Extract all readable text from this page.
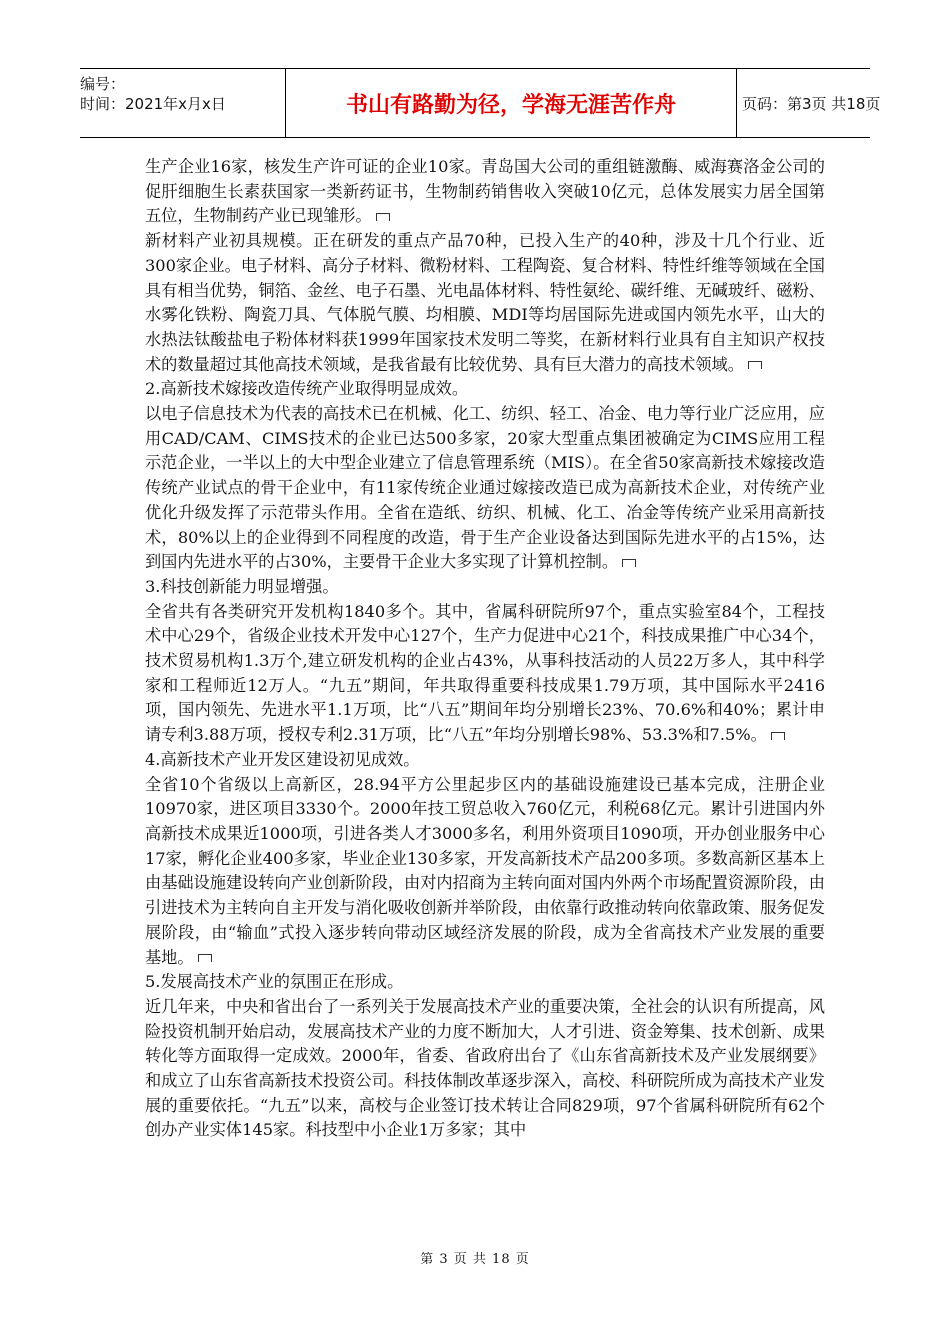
编号：
时间：2021年x月x日	书山有路勤为径，学海无涯苦作舟	页码：第3页 共18页

生产企业16家，核发生产许可证的企业10家。青岛国大公司的重组链激酶、威海赛洛金公司的促肝细胞生长素获国家一类新药证书，生物制药销售收入突破10亿元，总体发展实力居全国第五位，生物制药产业已现雏形。

新材料产业初具规模。正在研发的重点产品70种，已投入生产的40种，涉及十几个行业、近300家企业。电子材料、高分子材料、微粉材料、工程陶瓷、复合材料、特性纤维等领域在全国具有相当优势，铜箔、金丝、电子石墨、光电晶体材料、特性氨纶、碳纤维、无碱玻纤、磁粉、水雾化铁粉、陶瓷刀具、气体脱气膜、均相膜、MDI等均居国际先进或国内领先水平，山大的水热法钛酸盐电子粉体材料获1999年国家技术发明二等奖，在新材料行业具有自主知识产权技术的数量超过其他高技术领域，是我省最有比较优势、具有巨大潜力的高技术领域。

2.高新技术嫁接改造传统产业取得明显成效。

以电子信息技术为代表的高技术已在机械、化工、纺织、轻工、冶金、电力等行业广泛应用，应用CAD/CAM、CIMS技术的企业已达500多家，20家大型重点集团被确定为CIMS应用工程示范企业，一半以上的大中型企业建立了信息管理系统（MIS）。在全省50家高新技术嫁接改造传统产业试点的骨干企业中，有11家传统企业通过嫁接改造已成为高新技术企业，对传统产业优化升级发挥了示范带头作用。全省在造纸、纺织、机械、化工、冶金等传统产业采用高新技术，80%以上的企业得到不同程度的改造，骨于生产企业设备达到国际先进水平的占15%，达到国内先进水平的占30%，主要骨干企业大多实现了计算机控制。

3.科技创新能力明显增强。

全省共有各类研究开发机构1840多个。其中，省属科研院所97个，重点实验室84个，工程技术中心29个，省级企业技术开发中心127个，生产力促进中心21个，科技成果推广中心34个，技术贸易机构1.3万个,建立研发机构的企业占43%，从事科技活动的人员22万多人，其中科学家和工程师近12万人。“九五”期间，年共取得重要科技成果1.79万项，其中国际水平2416项，国内领先、先进水平1.1万项，比“八五”期间年均分别增长23%、70.6%和40%；累计申请专利3.88万项，授权专利2.31万项，比“八五”年均分别增长98%、53.3%和7.5%。

4.高新技术产业开发区建设初见成效。

全省10个省级以上高新区，28.94平方公里起步区内的基础设施建设已基本完成，注册企业10970家，进区项目3330个。2000年技工贸总收入760亿元，利税68亿元。累计引进国内外高新技术成果近1000项，引进各类人才3000多名，利用外资项目1090项，开办创业服务中心17家，孵化企业400多家，毕业企业130多家，开发高新技术产品200多项。多数高新区基本上由基础设施建设转向产业创新阶段，由对内招商为主转向面对国内外两个市场配置资源阶段，由引进技术为主转向自主开发与消化吸收创新并举阶段，由依靠行政推动转向依靠政策、服务促发展阶段，由“输血”式投入逐步转向带动区域经济发展的阶段，成为全省高技术产业发展的重要基地。

5.发展高技术产业的氛围正在形成。

近几年来，中央和省出台了一系列关于发展高技术产业的重要决策，全社会的认识有所提高，风险投资机制开始启动，发展高技术产业的力度不断加大，人才引进、资金筹集、技术创新、成果转化等方面取得一定成效。2000年，省委、省政府出台了《山东省高新技术及产业发展纲要》和成立了山东省高新技术投资公司。科技体制改革逐步深入，高校、科研院所成为高技术产业发展的重要依托。“九五”以来，高校与企业签订技术转让合同829项，97个省属科研院所有62个创办产业实体145家。科技型中小企业1万多家；其中

第 3 页 共 18 页
